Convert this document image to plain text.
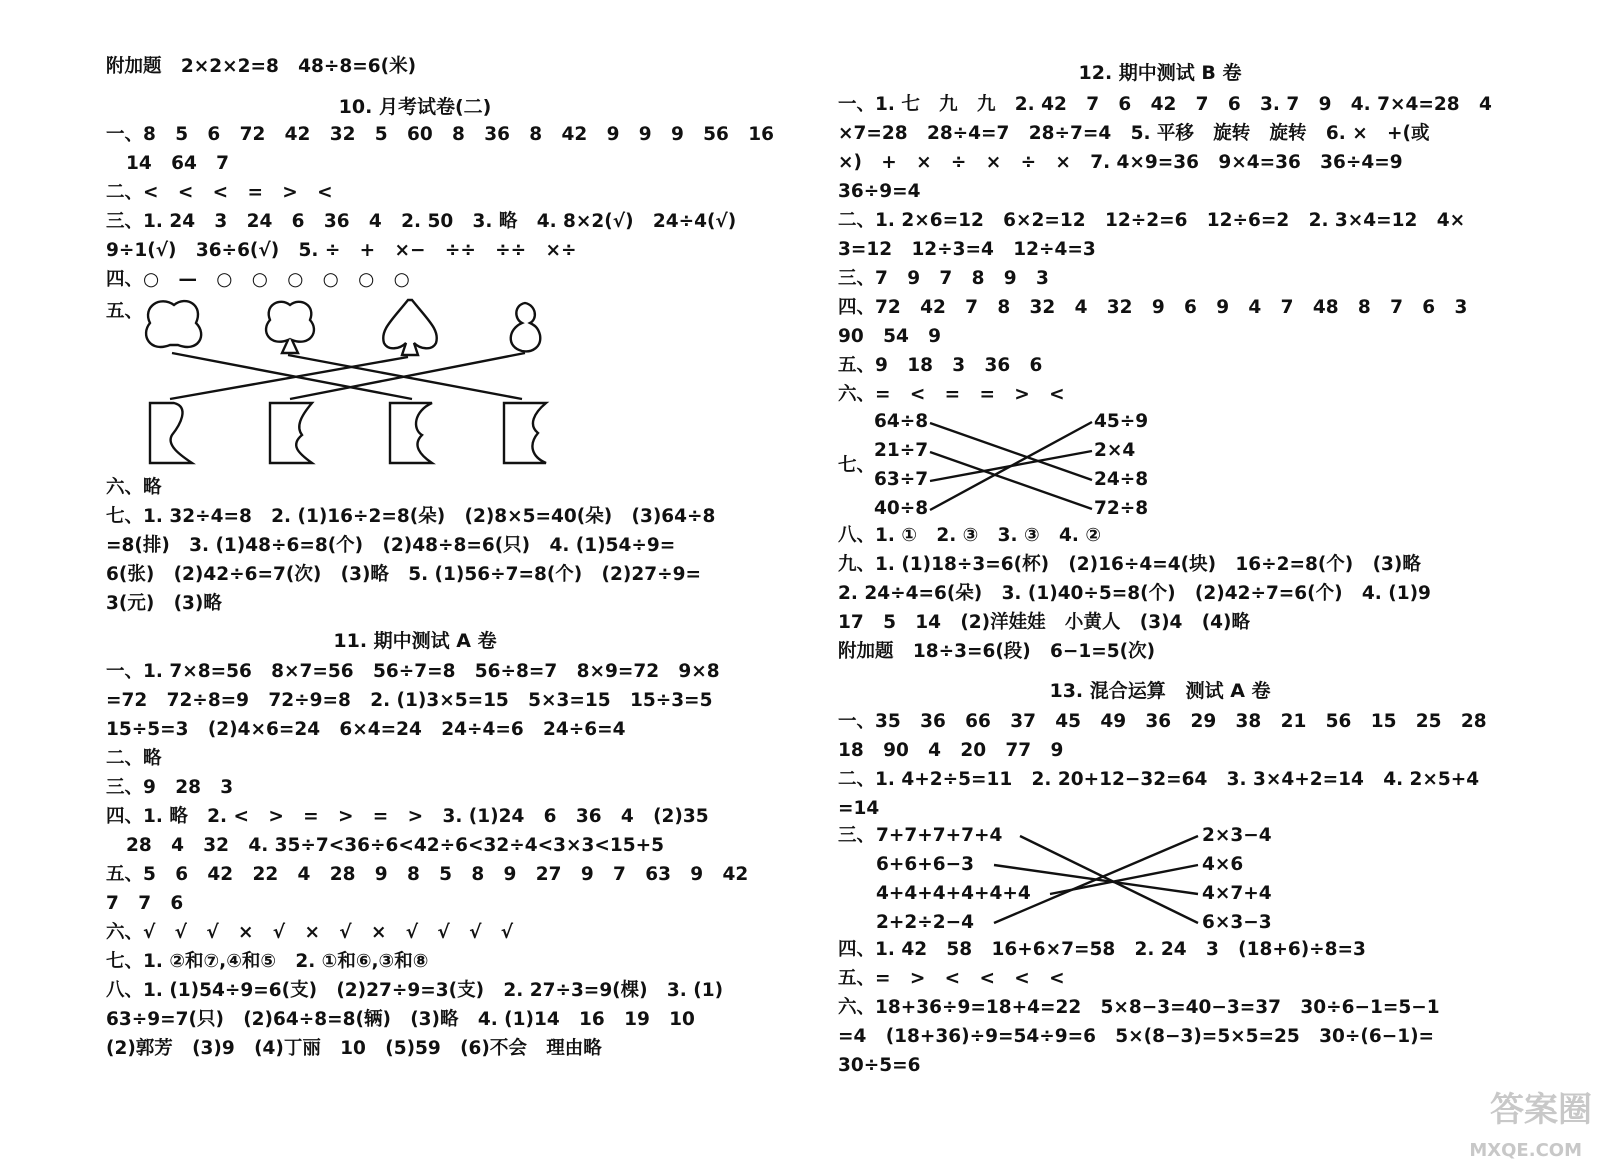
附加题   2×2×2=8   48÷8=6(米)
10. 月考试卷(二)
一、8   5   6   72   42   32   5   60   8   36   8   42   9   9   9   56   16
14   64   7
二、<   <   <   =   >   <
三、1. 24   3   24   6   36   4   2. 50   3. 略   4. 8×2(√)   24÷4(√)
9÷1(√)   36÷6(√)   5. ÷   +   ×−   ÷÷   ÷÷   ×÷
四、○   —   ○   ○   ○   ○   ○   ○
五、
六、略
七、1. 32÷4=8   2. (1)16÷2=8(朵)   (2)8×5=40(朵)   (3)64÷8
=8(排)   3. (1)48÷6=8(个)   (2)48÷8=6(只)   4. (1)54÷9=
6(张)   (2)42÷6=7(次)   (3)略   5. (1)56÷7=8(个)   (2)27÷9=
3(元)   (3)略
11. 期中测试 A 卷
一、1. 7×8=56   8×7=56   56÷7=8   56÷8=7   8×9=72   9×8
=72   72÷8=9   72÷9=8   2. (1)3×5=15   5×3=15   15÷3=5
15÷5=3   (2)4×6=24   6×4=24   24÷4=6   24÷6=4
二、略
三、9   28   3
四、1. 略   2. <   >   =   >   =   >   3. (1)24   6   36   4   (2)35
28   4   32   4. 35÷7<36÷6<42÷6<32÷4<3×3<15+5
五、5   6   42   22   4   28   9   8   5   8   9   27   9   7   63   9   42
7   7   6
六、√   √   √   ×   √   ×   √   ×   √   √   √   √
七、1. ②和⑦,④和⑤   2. ①和⑥,③和⑧
八、1. (1)54÷9=6(支)   (2)27÷9=3(支)   2. 27÷3=9(棵)   3. (1)
63÷9=7(只)   (2)64÷8=8(辆)   (3)略   4. (1)14   16   19   10
(2)郭芳   (3)9   (4)丁丽   10   (5)59   (6)不会   理由略
12. 期中测试 B 卷
一、1. 七   九   九   2. 42   7   6   42   7   6   3. 7   9   4. 7×4=28   4
×7=28   28÷4=7   28÷7=4   5. 平移   旋转   旋转   6. ×   +(或
×)   +   ×   ÷   ×   ÷   ×   7. 4×9=36   9×4=36   36÷4=9
36÷9=4
二、1. 2×6=12   6×2=12   12÷2=6   12÷6=2   2. 3×4=12   4×
3=12   12÷3=4   12÷4=3
三、7   9   7   8   9   3
四、72   42   7   8   32   4   32   9   6   9   4   7   48   8   7   6   3
90   54   9
五、9   18   3   36   6
六、=   <   =   =   >   <
七、
64÷8
21÷7
63÷7
40÷8
45÷9
2×4
24÷8
72÷8
八、1. ①   2. ③   3. ③   4. ②
九、1. (1)18÷3=6(杯)   (2)16÷4=4(块)   16÷2=8(个)   (3)略
2. 24÷4=6(朵)   3. (1)40÷5=8(个)   (2)42÷7=6(个)   4. (1)9
17   5   14   (2)洋娃娃   小黄人   (3)4   (4)略
附加题   18÷3=6(段)   6−1=5(次)
13. 混合运算   测试 A 卷
一、35   36   66   37   45   49   36   29   38   21   56   15   25   28
18   90   4   20   77   9
二、1. 4+2÷5=11   2. 20+12−32=64   3. 3×4+2=14   4. 2×5+4
=14
三、 7+7+7+7+4
6+6+6−3
4+4+4+4+4+4
2+2÷2−4
2×3−4
4×6
4×7+4
6×3−3
四、1. 42   58   16+6×7=58   2. 24   3   (18+6)÷8=3
五、=   >   <   <   <   <
六、18+36÷9=18+4=22   5×8−3=40−3=37   30÷6−1=5−1
=4   (18+36)÷9=54÷9=6   5×(8−3)=5×5=25   30÷(6−1)=
30÷5=6
答案圈
MXQE.COM
